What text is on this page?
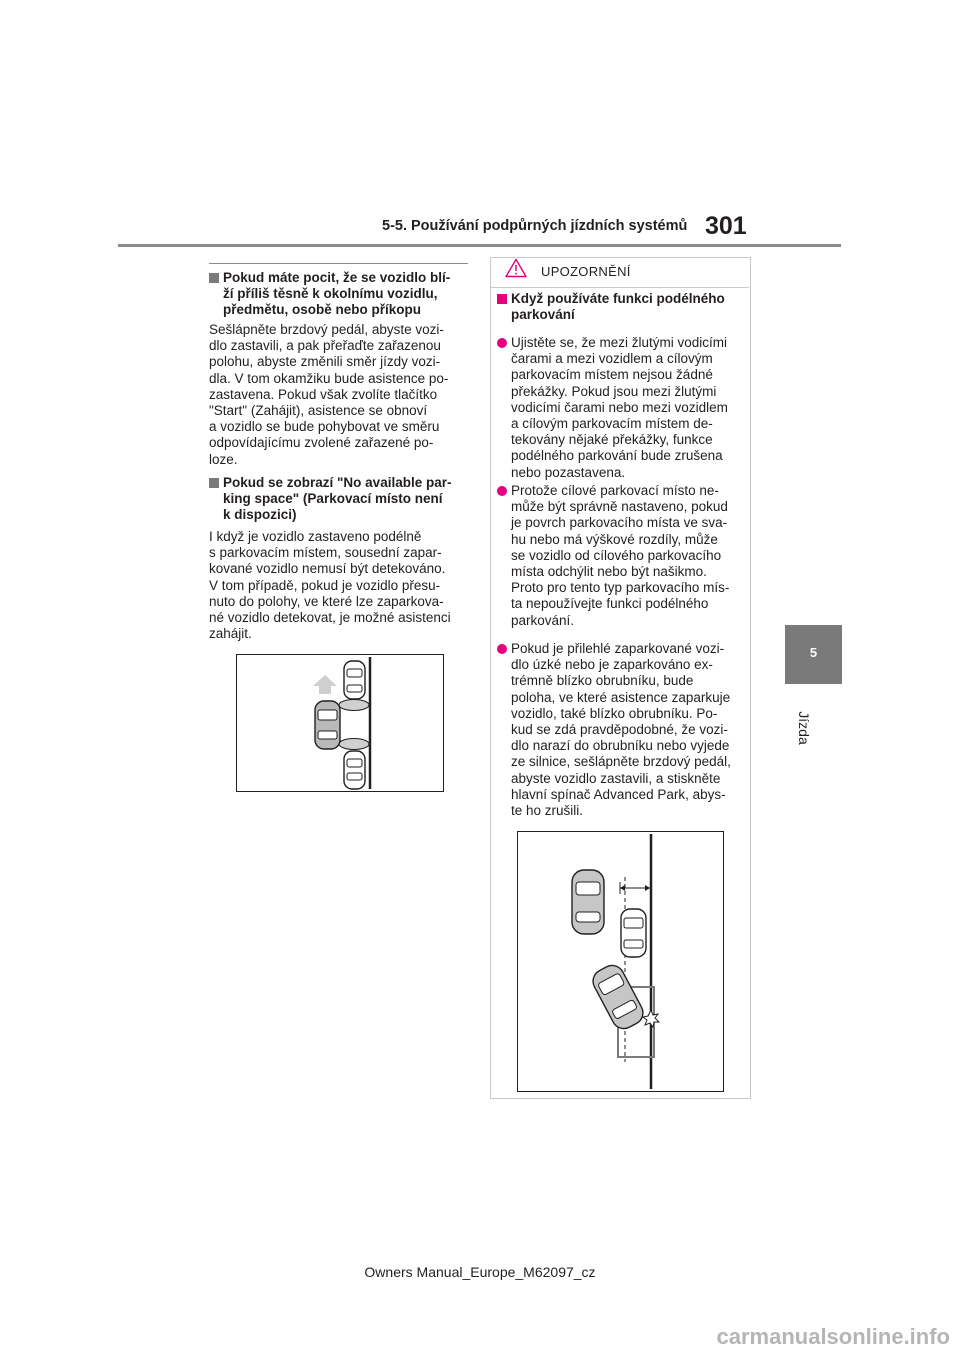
5-5. Používání podpůrných jízdních systémů 301
5
Jízda
Pokud máte pocit, že se vozidlo blí-
ží příliš těsně k okolnímu vozidlu,
předmětu, osobě nebo příkopu
Sešlápněte brzdový pedál, abyste vozi-
dlo zastavili, a pak přeřaďte zařazenou
polohu, abyste změnili směr jízdy vozi-
dla. V tom okamžiku bude asistence po-
zastavena. Pokud však zvolíte tlačítko
"Start" (Zahájit), asistence se obnoví
a vozidlo se bude pohybovat ve směru
odpovídajícímu zvolené zařazené po-
loze.
Pokud se zobrazí "No available par-
king space" (Parkovací místo není
k dispozici)
I když je vozidlo zastaveno podélně
s parkovacím místem, sousední zapar-
kované vozidlo nemusí být detekováno.
V tom případě, pokud je vozidlo přesu-
nuto do polohy, ve které lze zaparkova-
né vozidlo detekovat, je možné asistenci
zahájit.
UPOZORNĚNÍ
Když používáte funkci podélného
parkování
Ujistěte se, že mezi žlutými vodicími
čarami a mezi vozidlem a cílovým
parkovacím místem nejsou žádné
překážky. Pokud jsou mezi žlutými
vodicími čarami nebo mezi vozidlem
a cílovým parkovacím místem de-
tekovány nějaké překážky, funkce
podélného parkování bude zrušena
nebo pozastavena.
Protože cílové parkovací místo ne-
může být správně nastaveno, pokud
je povrch parkovacího místa ve sva-
hu nebo má výškové rozdíly, může
se vozidlo od cílového parkovacího
místa odchýlit nebo být našikmo.
Proto pro tento typ parkovacího mís-
ta nepoužívejte funkci podélného
parkování.
Pokud je přilehlé zaparkované vozi-
dlo úzké nebo je zaparkováno ex-
trémně blízko obrubníku, bude
poloha, ve které asistence zaparkuje
vozidlo, také blízko obrubníku. Po-
kud se zdá pravděpodobné, že vozi-
dlo narazí do obrubníku nebo vyjede
ze silnice, sešlápněte brzdový pedál,
abyste vozidlo zastavili, a stiskněte
hlavní spínač Advanced Park, abys-
te ho zrušili.
Owners Manual_Europe_M62097_cz
carmanualsonline.info
